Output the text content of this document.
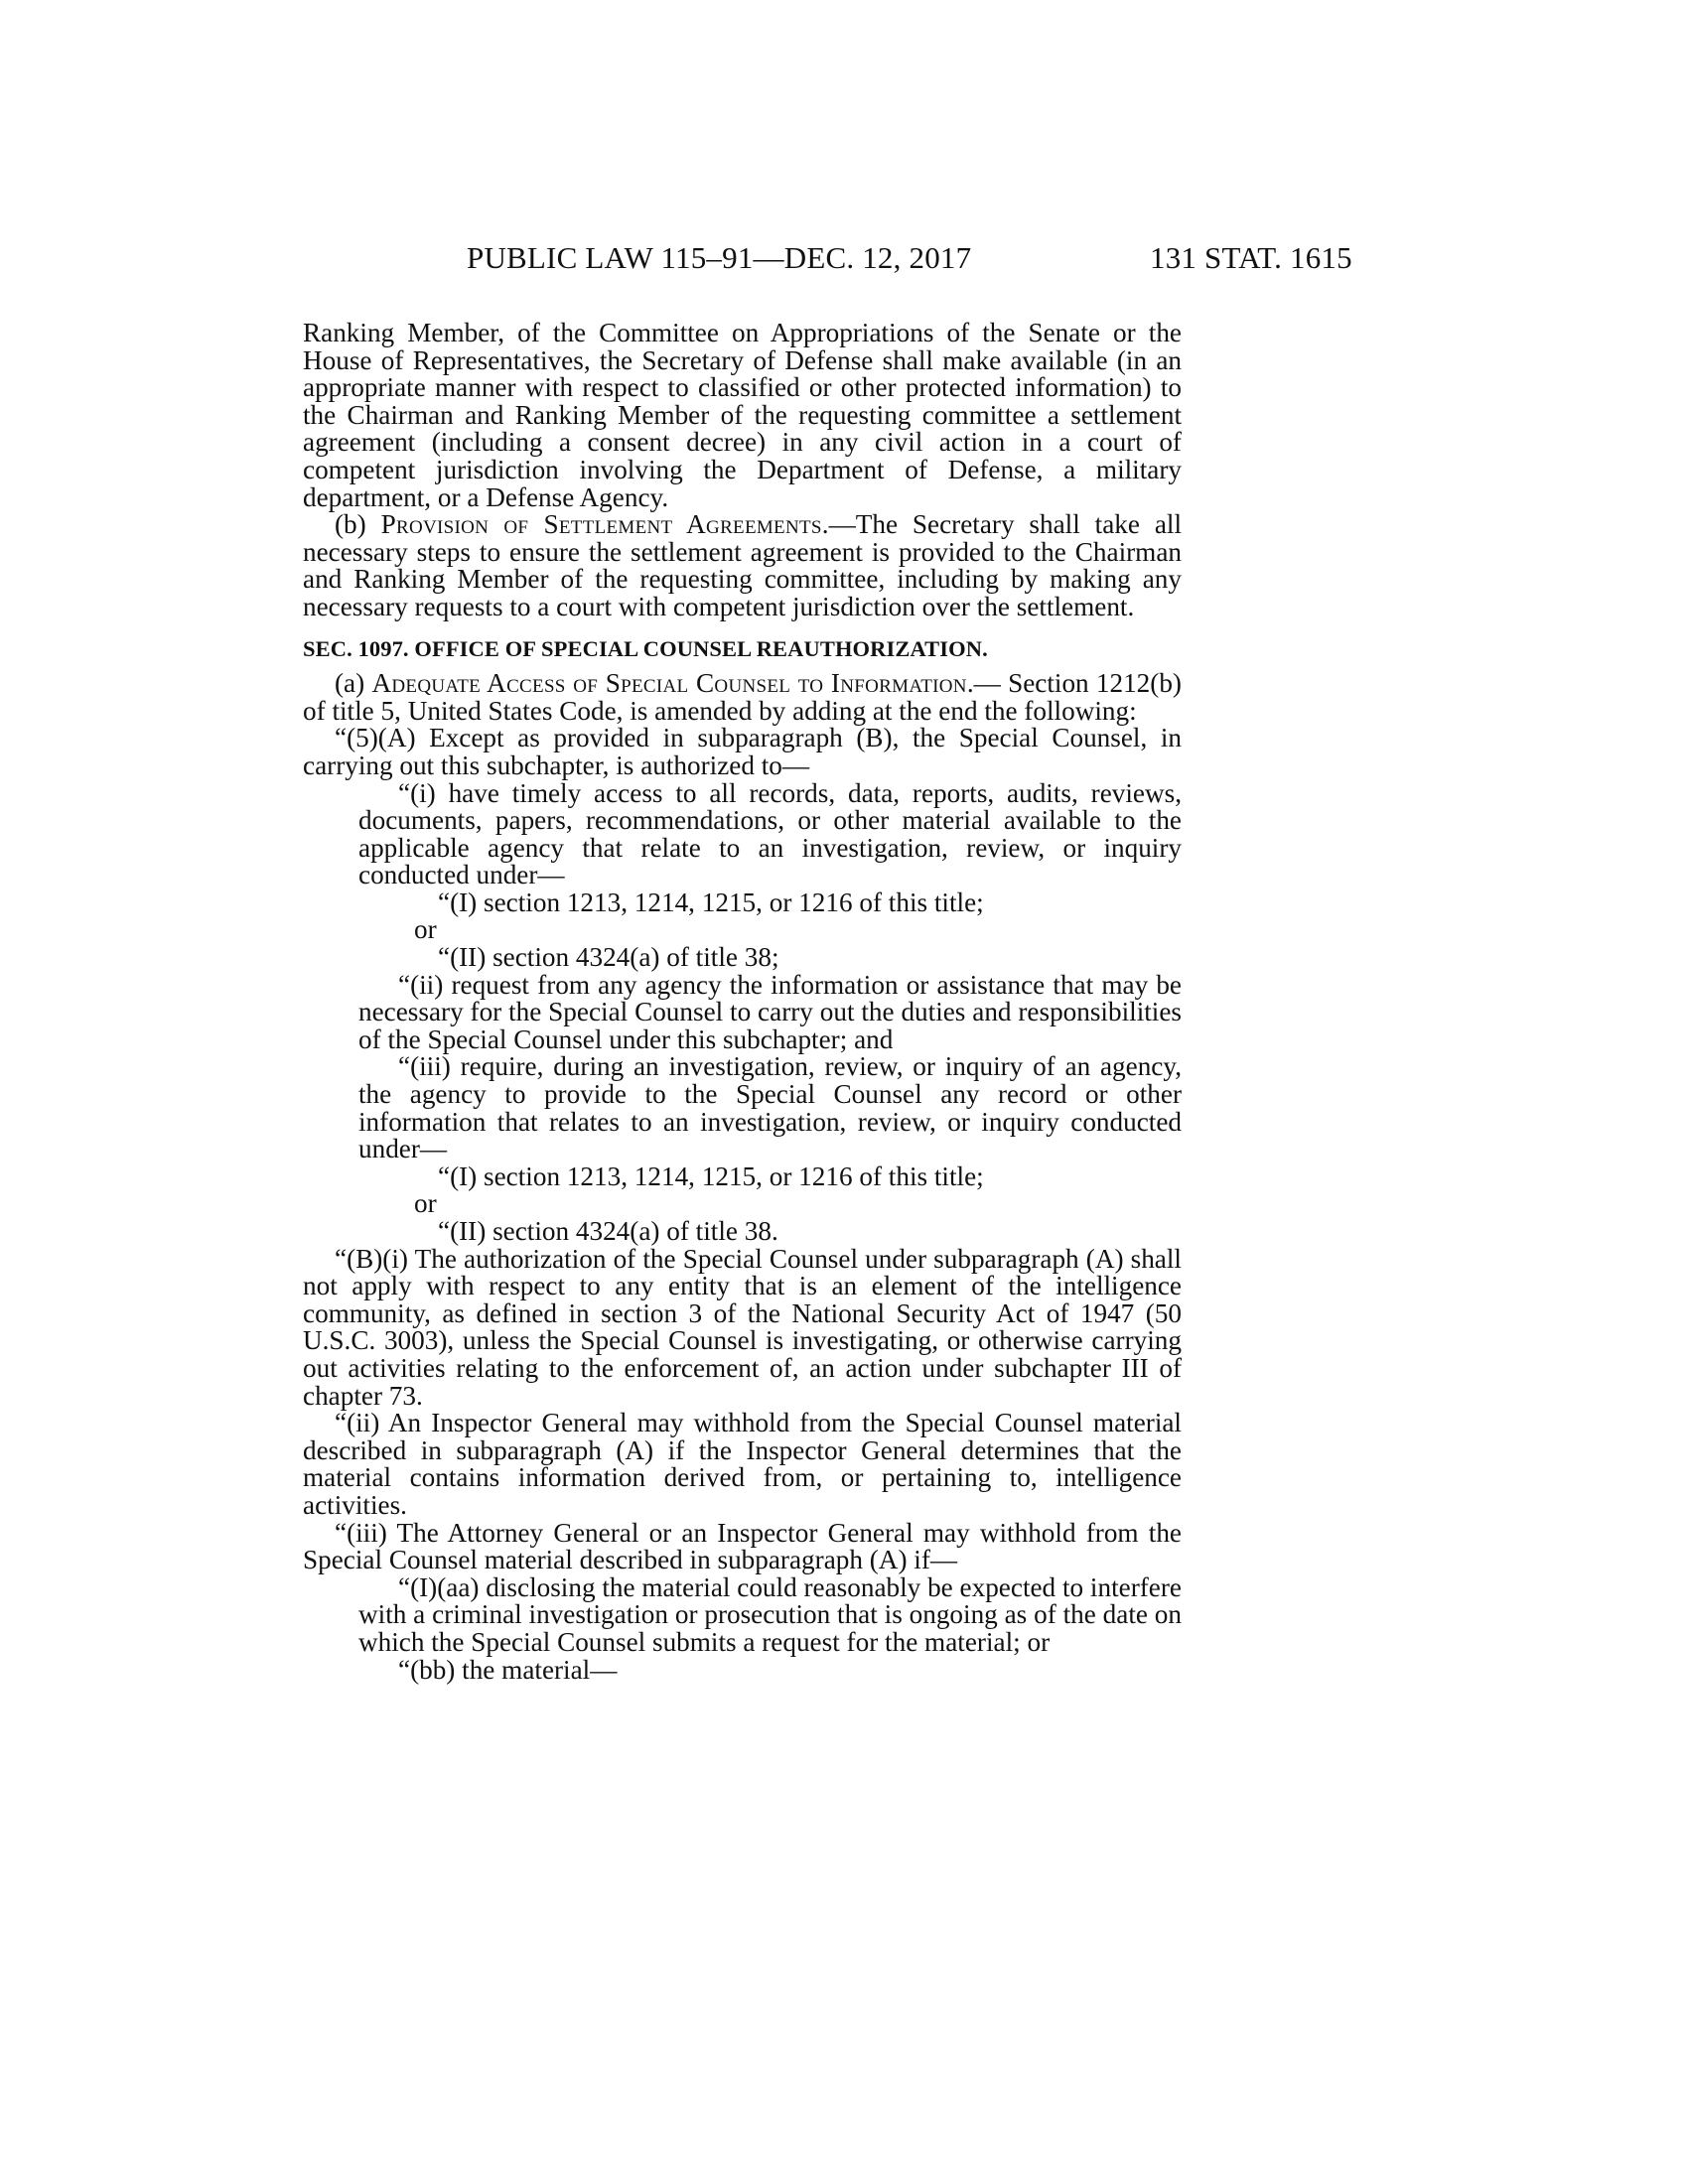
PUBLIC LAW 115–91—DEC. 12, 2017	131 STAT. 1615

Ranking Member, of the Committee on Appropriations of the Senate or the House of Representatives, the Secretary of Defense shall make available (in an appropriate manner with respect to classified or other protected information) to the Chairman and Ranking Member of the requesting committee a settlement agreement (including a consent decree) in any civil action in a court of competent jurisdiction involving the Department of Defense, a military department, or a Defense Agency.

(b) Provision of Settlement Agreements.—The Secretary shall take all necessary steps to ensure the settlement agreement is provided to the Chairman and Ranking Member of the requesting committee, including by making any necessary requests to a court with competent jurisdiction over the settlement.

SEC. 1097. OFFICE OF SPECIAL COUNSEL REAUTHORIZATION.

(a) Adequate Access of Special Counsel to Information.— Section 1212(b) of title 5, United States Code, is amended by adding at the end the following:

“(5)(A) Except as provided in subparagraph (B), the Special Counsel, in carrying out this subchapter, is authorized to—

“(i) have timely access to all records, data, reports, audits, reviews, documents, papers, recommendations, or other material available to the applicable agency that relate to an investigation, review, or inquiry conducted under—

“(I) section 1213, 1214, 1215, or 1216 of this title;

or

“(II) section 4324(a) of title 38;

“(ii) request from any agency the information or assistance that may be necessary for the Special Counsel to carry out the duties and responsibilities of the Special Counsel under this subchapter; and

“(iii) require, during an investigation, review, or inquiry of an agency, the agency to provide to the Special Counsel any record or other information that relates to an investigation, review, or inquiry conducted under—

“(I) section 1213, 1214, 1215, or 1216 of this title;

or

“(II) section 4324(a) of title 38.

“(B)(i) The authorization of the Special Counsel under subparagraph (A) shall not apply with respect to any entity that is an element of the intelligence community, as defined in section 3 of the National Security Act of 1947 (50 U.S.C. 3003), unless the Special Counsel is investigating, or otherwise carrying out activities relating to the enforcement of, an action under subchapter III of chapter 73.

“(ii) An Inspector General may withhold from the Special Counsel material described in subparagraph (A) if the Inspector General determines that the material contains information derived from, or pertaining to, intelligence activities.

“(iii) The Attorney General or an Inspector General may withhold from the Special Counsel material described in subparagraph (A) if—

“(I)(aa) disclosing the material could reasonably be expected to interfere with a criminal investigation or prosecution that is ongoing as of the date on which the Special Counsel submits a request for the material; or

“(bb) the material—
